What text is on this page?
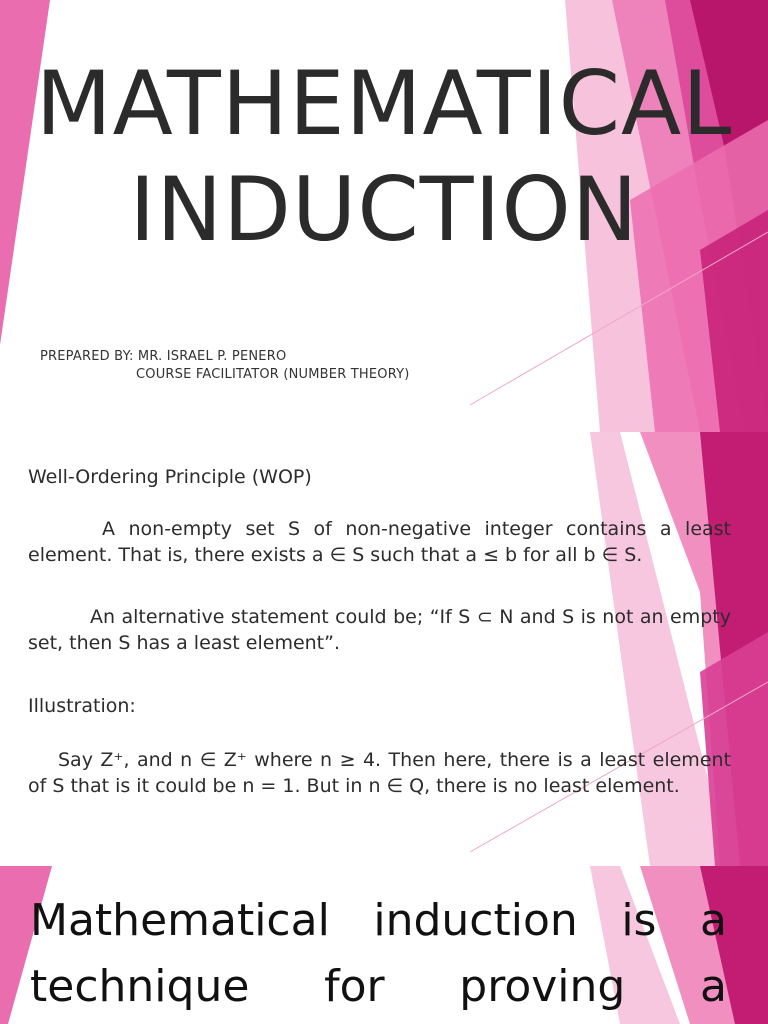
MATHEMATICAL
INDUCTION
PREPARED BY: MR. ISRAEL P. PENERO
COURSE FACILITATOR (NUMBER THEORY)
Well-Ordering Principle (WOP)
A non-empty set S of non-negative integer contains a least element. That is, there exists a ∈ S such that a ≤ b for all b ∈ S.
An alternative statement could be; “If S ⊂ N and S is not an empty set, then S has a least element”.
Illustration:
Say Z⁺, and n ∈ Z⁺ where n ≥ 4. Then here, there is a least element of S that is it could be n = 1. But in n ∈ Q, there is no least element.
Mathematical induction is a
technique for proving a
